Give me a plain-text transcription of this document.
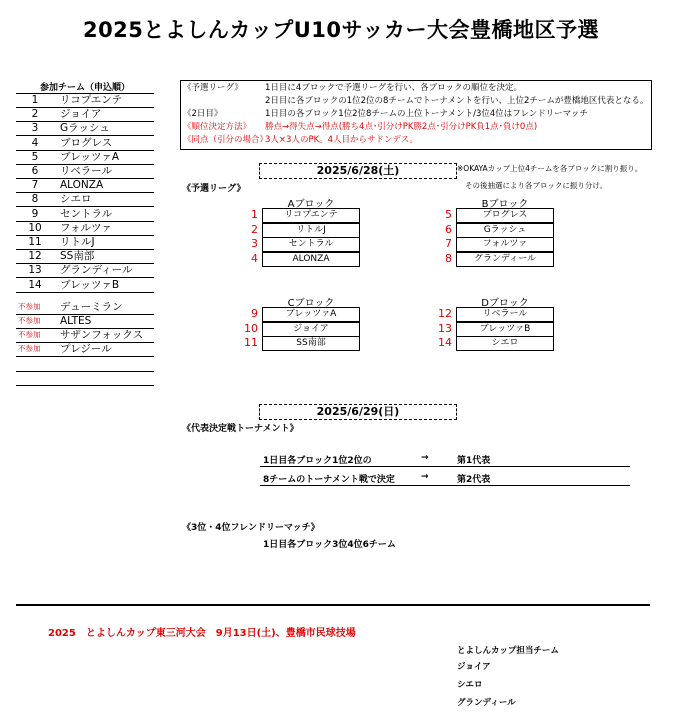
2025とよしんカップU10サッカー大会豊橋地区予選
参加チーム（申込順）
1	リコプエンテ
2	ジョイア
3	Gラッシュ
4	ブログレス
5	ブレッツァA
6	リベラール
7	ALONZA
8	シエロ
9	セントラル
10	フォルツァ
11	リトルJ
12	SS南部
13	グランディール
14	ブレッツァB
不参加 デューミラン
不参加 ALTES
不参加 サザンフォックス
不参加 プレジール
《予選リーグ》	1日目に4ブロックで予選リーグを行い、各ブロックの順位を決定。
2日目に各ブロックの1位2位の8チームでトーナメントを行い、上位2チームが豊橋地区代表となる。
《2日目》	1日目の各ブロック1位2位8チームの上位トーナメント/3位4位はフレンドリーマッチ
《順位決定方法》 勝点→得失点→得点(勝ち4点･引分けPK勝2点･引分けPK負1点･負け0点)
《同点（引分の場合）
3人×3人のPK。4人目からサドンデス。
2025/6/28(土)	※OKAYAカップ上位4チームを各ブロックに割り振り。
その後抽選により各ブロックに振り分け。
《予選リーグ》
Aブロック
1	リコプエンテ
2	リトルJ
3	セントラル
4	ALONZA
Bブロック
5	ブログレス
6	Gラッシュ
7	フォルツァ
8	グランディール
Cブロック
9	ブレッツァA
10	ジョイア
11	SS南部
Dブロック
12	リベラール
13	ブレッツァB
14	シエロ
2025/6/29(日)
《代表決定戦トーナメント》
1日目各ブロック1位2位の	→	第1代表
8チームのトーナメント戦で決定	→	第2代表
《3位・4位フレンドリーマッチ》
1日目各ブロック3位4位6チーム
2025　とよしんカップ東三河大会　9月13日(土)、豊橋市民球技場
とよしんカップ担当チーム
ジョイア
シエロ
グランディール
